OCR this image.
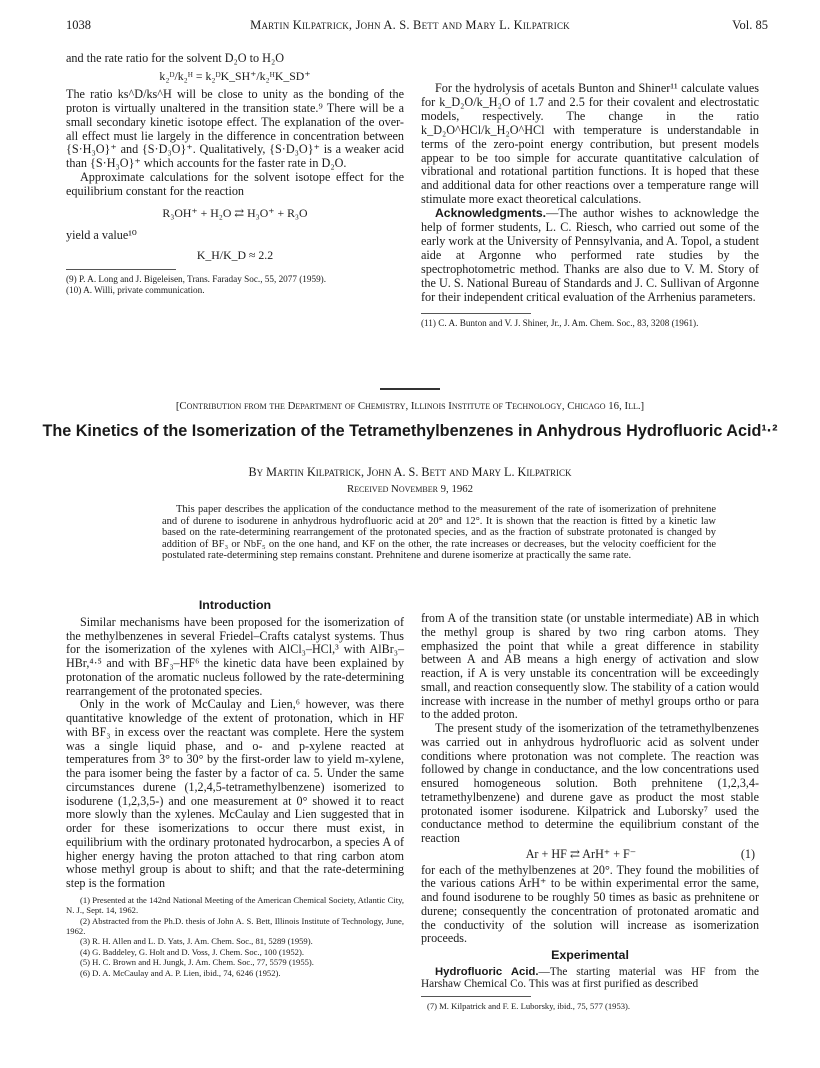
1038	Martin Kilpatrick, John A. S. Bett and Mary L. Kilpatrick	Vol. 85

and the rate ratio for the solvent D₂O to H₂O

k₂ᴰ/k₂ᴴ = k₂ᴰK_SH⁺/k₂ᴴK_SD⁺

The ratio ks^D/ks^H will be close to unity as the bonding of the proton is virtually unaltered in the transition state.⁹ There will be a small secondary kinetic isotope effect. The explanation of the over-all effect must lie largely in the difference in concentration between {S·H₃O}⁺ and {S·D₃O}⁺. Qualitatively, {S·D₃O}⁺ is a weaker acid than {S·H₃O}⁺ which accounts for the faster rate in D₂O.

Approximate calculations for the solvent isotope effect for the equilibrium constant for the reaction

R₃OH⁺ + H₂O ⇄ H₃O⁺ + R₃O

yield a value¹⁰

K_H/K_D ≈ 2.2
(9) P. A. Long and J. Bigeleisen, Trans. Faraday Soc., 55, 2077 (1959).
(10) A. Willi, private communication.

For the hydrolysis of acetals Bunton and Shiner¹¹ calculate values for k_D₂O/k_H₂O of 1.7 and 2.5 for their covalent and electrostatic models, respectively. The change in the ratio k_D₂O^HCl/k_H₂O^HCl with temperature is understandable in terms of the zero-point energy contribution, but present models appear to be too simple for accurate quantitative calculation of vibrational and rotational partition functions. It is hoped that these and additional data for other reactions over a temperature range will stimulate more exact theoretical calculations.

Acknowledgments.—The author wishes to acknowledge the help of former students, L. C. Riesch, who carried out some of the early work at the University of Pennsylvania, and A. Topol, a student aide at Argonne who performed rate studies by the spectrophotometric method. Thanks are also due to V. M. Story of the U. S. National Bureau of Standards and J. C. Sullivan of Argonne for their independent critical evaluation of the Arrhenius parameters.

(11) C. A. Bunton and V. J. Shiner, Jr., J. Am. Chem. Soc., 83, 3208 (1961).
[Contribution from the Department of Chemistry, Illinois Institute of Technology, Chicago 16, Ill.]
The Kinetics of the Isomerization of the Tetramethylbenzenes in Anhydrous Hydrofluoric Acid¹·²
By Martin Kilpatrick, John A. S. Bett and Mary L. Kilpatrick
Received November 9, 1962
This paper describes the application of the conductance method to the measurement of the rate of isomerization of prehnitene and of durene to isodurene in anhydrous hydrofluoric acid at 20° and 12°. It is shown that the reaction is fitted by a kinetic law based on the rate-determining rearrangement of the protonated species, and as the fraction of substrate protonated is changed by addition of BF₃ or NbF₅ on the one hand, and KF on the other, the rate increases or decreases, but the velocity coefficient for the postulated rate-determining step remains constant. Prehnitene and durene isomerize at practically the same rate.
Introduction

Similar mechanisms have been proposed for the isomerization of the methylbenzenes in several Friedel–Crafts catalyst systems. Thus for the isomerization of the xylenes with AlCl₃–HCl,³ with AlBr₃–HBr,⁴·⁵ and with BF₃–HF⁶ the kinetic data have been explained by protonation of the aromatic nucleus followed by the rate-determining rearrangement of the protonated species.

Only in the work of McCaulay and Lien,⁶ however, was there quantitative knowledge of the extent of protonation, which in HF with BF₃ in excess over the reactant was complete. Here the system was a single liquid phase, and o- and p-xylene reacted at temperatures from 3° to 30° by the first-order law to yield m-xylene, the para isomer being the faster by a factor of ca. 5. Under the same circumstances durene (1,2,4,5-tetramethylbenzene) isomerized to isodurene (1,2,3,5-) and one measurement at 0° showed it to react more slowly than the xylenes. McCaulay and Lien suggested that in order for these isomerizations to occur there must exist, in equilibrium with the ordinary protonated hydrocarbon, a species A of higher energy having the proton attached to that ring carbon atom whose methyl group is about to shift; and that the rate-determining step is the formation

(1) Presented at the 142nd National Meeting of the American Chemical Society, Atlantic City, N. J., Sept. 14, 1962.
(2) Abstracted from the Ph.D. thesis of John A. S. Bett, Illinois Institute of Technology, June, 1962.
(3) R. H. Allen and L. D. Yats, J. Am. Chem. Soc., 81, 5289 (1959).
(4) G. Baddeley, G. Holt and D. Voss, J. Chem. Soc., 100 (1952).
(5) H. C. Brown and H. Jungk, J. Am. Chem. Soc., 77, 5579 (1955).
(6) D. A. McCaulay and A. P. Lien, ibid., 74, 6246 (1952).

from A of the transition state (or unstable intermediate) AB in which the methyl group is shared by two ring carbon atoms. They emphasized the point that while a great difference in stability between A and AB means a high energy of activation and slow reaction, if A is very unstable its concentration will be exceedingly small, and reaction consequently slow. The stability of a cation would increase with increase in the number of methyl groups ortho or para to the added proton.

The present study of the isomerization of the tetramethylbenzenes was carried out in anhydrous hydrofluoric acid as solvent under conditions where protonation was not complete. The reaction was followed by change in conductance, and the low concentrations used ensured homogeneous solution. Both prehnitene (1,2,3,4-tetramethylbenzene) and durene gave as product the most stable protonated isomer isodurene. Kilpatrick and Luborsky⁷ used the conductance method to determine the equilibrium constant of the reaction

Ar + HF ⇄ ArH⁺ + F⁻	(1)

for each of the methylbenzenes at 20°. They found the mobilities of the various cations ArH⁺ to be within experimental error the same, and found isodurene to be roughly 50 times as basic as prehnitene or durene; consequently the concentration of protonated aromatic and the conductivity of the solution will increase as isomerization proceeds.

Experimental

Hydrofluoric Acid.—The starting material was HF from the Harshaw Chemical Co. This was at first purified as described

(7) M. Kilpatrick and F. E. Luborsky, ibid., 75, 577 (1953).
